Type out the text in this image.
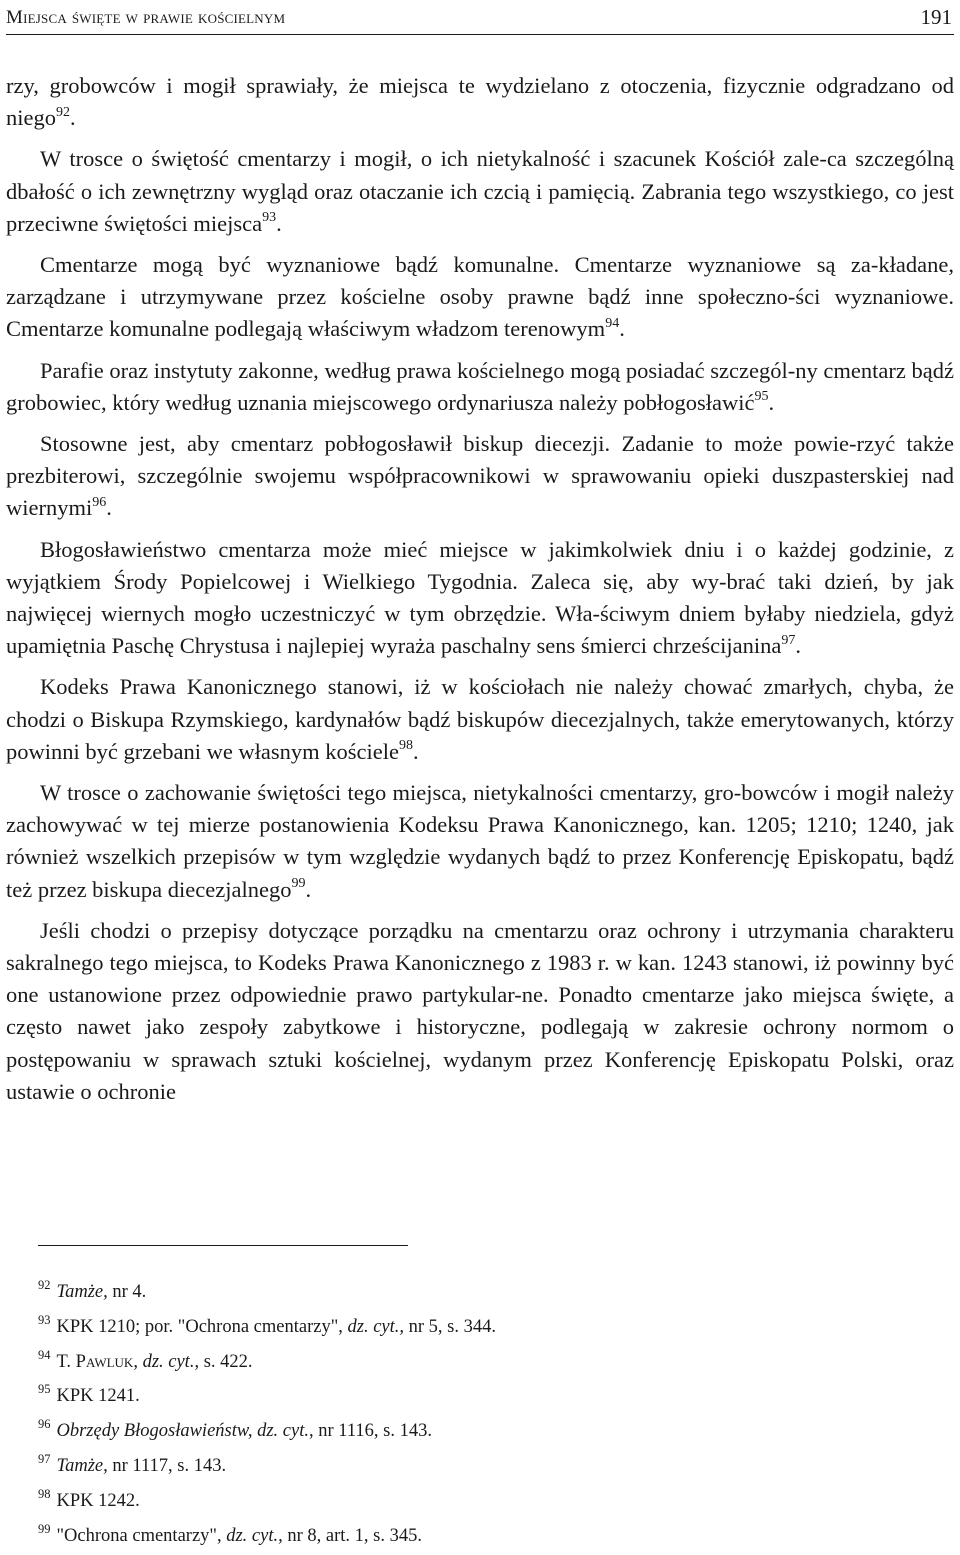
Miejsca święte w prawie kościelnym	191

rzy, grobowców i mogił sprawiały, że miejsca te wydzielano z otoczenia, fizycznie odgradzano od niego$^{92}$.

W trosce o świętość cmentarzy i mogił, o ich nietykalność i szacunek Kościół zale-ca szczególną dbałość o ich zewnętrzny wygląd oraz otaczanie ich czcią i pamięcią. Zabrania tego wszystkiego, co jest przeciwne świętości miejsca$^{93}$.

Cmentarze mogą być wyznaniowe bądź komunalne. Cmentarze wyznaniowe są za-kładane, zarządzane i utrzymywane przez kościelne osoby prawne bądź inne społeczno-ści wyznaniowe. Cmentarze komunalne podlegają właściwym władzom terenowym$^{94}$.

Parafie oraz instytuty zakonne, według prawa kościelnego mogą posiadać szczegól-ny cmentarz bądź grobowiec, który według uznania miejscowego ordynariusza należy pobłogosławić$^{95}$.

Stosowne jest, aby cmentarz pobłogosławił biskup diecezji. Zadanie to może powie-rzyć także prezbiterowi, szczególnie swojemu współpracownikowi w sprawowaniu opieki duszpasterskiej nad wiernymi$^{96}$.

Błogosławieństwo cmentarza może mieć miejsce w jakimkolwiek dniu i o każdej godzinie, z wyjątkiem Środy Popielcowej i Wielkiego Tygodnia. Zaleca się, aby wy-brać taki dzień, by jak najwięcej wiernych mogło uczestniczyć w tym obrzędzie. Wła-ściwym dniem byłaby niedziela, gdyż upamiętnia Paschę Chrystusa i najlepiej wyraża paschalny sens śmierci chrześcijanina$^{97}$.

Kodeks Prawa Kanonicznego stanowi, iż w kościołach nie należy chować zmarłych, chyba, że chodzi o Biskupa Rzymskiego, kardynałów bądź biskupów diecezjalnych, także emerytowanych, którzy powinni być grzebani we własnym kościele$^{98}$.

W trosce o zachowanie świętości tego miejsca, nietykalności cmentarzy, gro-bowców i mogił należy zachowywać w tej mierze postanowienia Kodeksu Prawa Kanonicznego, kan. 1205; 1210; 1240, jak również wszelkich przepisów w tym względzie wydanych bądź to przez Konferencję Episkopatu, bądź też przez biskupa diecezjalnego$^{99}$.

Jeśli chodzi o przepisy dotyczące porządku na cmentarzu oraz ochrony i utrzymania charakteru sakralnego tego miejsca, to Kodeks Prawa Kanonicznego z 1983 r. w kan. 1243 stanowi, iż powinny być one ustanowione przez odpowiednie prawo partykular-ne. Ponadto cmentarze jako miejsca święte, a często nawet jako zespoły zabytkowe i historyczne, podlegają w zakresie ochrony normom o postępowaniu w sprawach sztuki kościelnej, wydanym przez Konferencję Episkopatu Polski, oraz ustawie o ochronie

$^{92}$ Tamże, nr 4.
$^{93}$ KPK 1210; por. "Ochrona cmentarzy", dz. cyt., nr 5, s. 344.
$^{94}$ T. Pawluk, dz. cyt., s. 422.
$^{95}$ KPK 1241.
$^{96}$ Obrzędy Błogosławieństw, dz. cyt., nr 1116, s. 143.
$^{97}$ Tamże, nr 1117, s. 143.
$^{98}$ KPK 1242.
$^{99}$ "Ochrona cmentarzy", dz. cyt., nr 8, art. 1, s. 345.
